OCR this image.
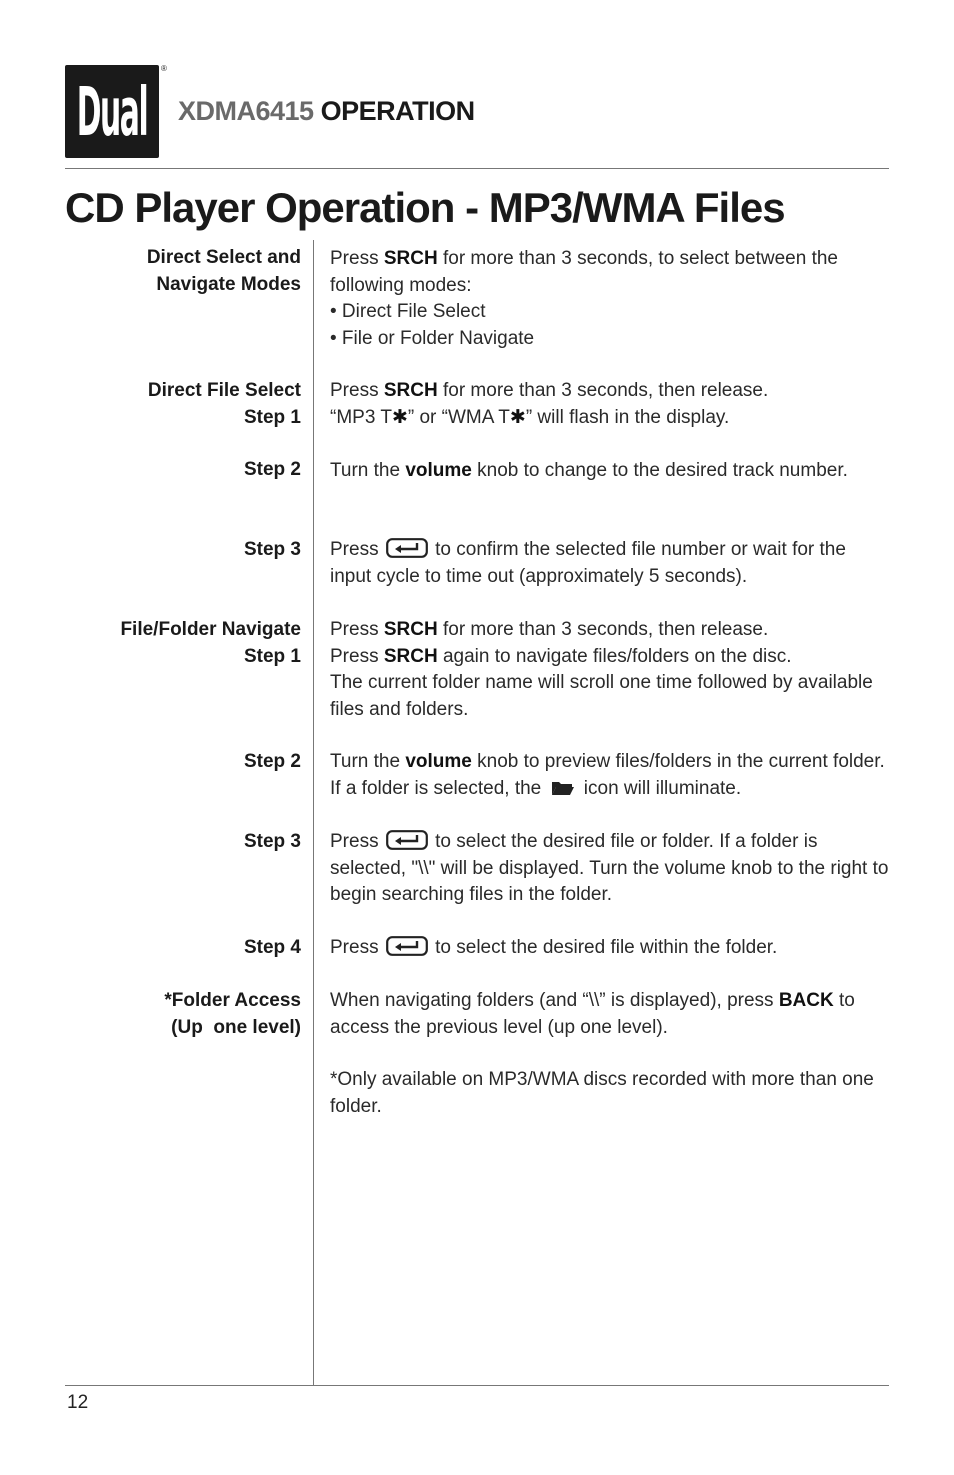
Dual
®
XDMA6415 OPERATION
CD Player Operation - MP3/WMA Files
Direct Select and
Navigate Modes
Press SRCH for more than 3 seconds, to select between the following modes:
• Direct File Select
• File or Folder Navigate
Direct File Select
Step 1
Press SRCH for more than 3 seconds, then release.
“MP3 T✱” or “WMA T✱” will flash in the display.
Step 2 Turn the volume knob to change to the desired track number.
Step 3 Press	to confirm the selected file number or wait for the input cycle to time out (approximately 5 seconds).
File/Folder Navigate
Step 1
Press SRCH for more than 3 seconds, then release.
Press SRCH again to navigate files/folders on the disc.
The current folder name will scroll one time followed by available files and folders.
Step 2 Turn the volume knob to preview files/folders in the current folder. If a folder is selected, the icon will illuminate.
Step 3 Press	to select the desired file or folder. If a folder is selected, "\\" will be displayed. Turn the volume knob to the right to begin searching files in the folder.
Step 4 Press	to select the desired file within the folder.
*Folder Access
(Up  one level)
When navigating folders (and “\\” is displayed), press BACK to access the previous level (up one level).
*Only available on MP3/WMA discs recorded with more than one folder.
12
